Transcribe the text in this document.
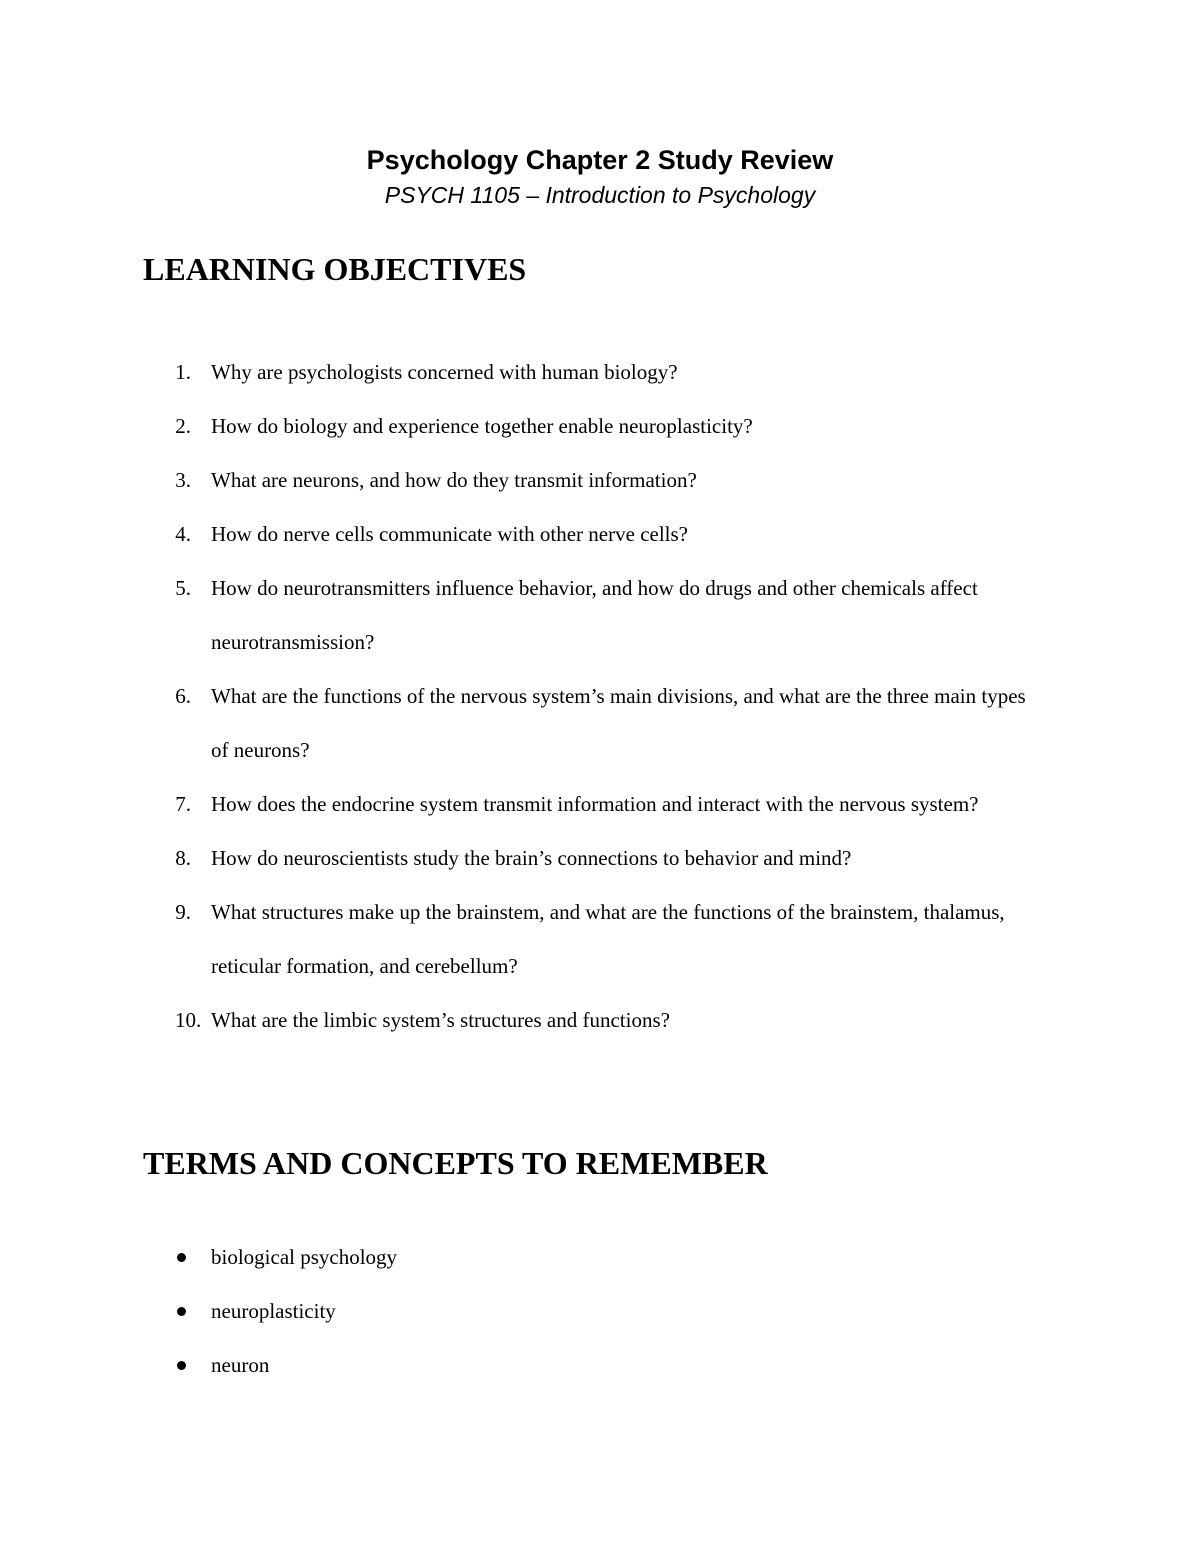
Psychology Chapter 2 Study Review

PSYCH 1105 – Introduction to Psychology

LEARNING OBJECTIVES
1. Why are psychologists concerned with human biology?
2. How do biology and experience together enable neuroplasticity?
3. What are neurons, and how do they transmit information?
4. How do nerve cells communicate with other nerve cells?
5. How do neurotransmitters influence behavior, and how do drugs and other chemicals affect neurotransmission?
6. What are the functions of the nervous system’s main divisions, and what are the three main types of neurons?
7. How does the endocrine system transmit information and interact with the nervous system?
8. How do neuroscientists study the brain’s connections to behavior and mind?
9. What structures make up the brainstem, and what are the functions of the brainstem, thalamus, reticular formation, and cerebellum?
10. What are the limbic system’s structures and functions?
TERMS AND CONCEPTS TO REMEMBER
biological psychology
neuroplasticity
neuron
